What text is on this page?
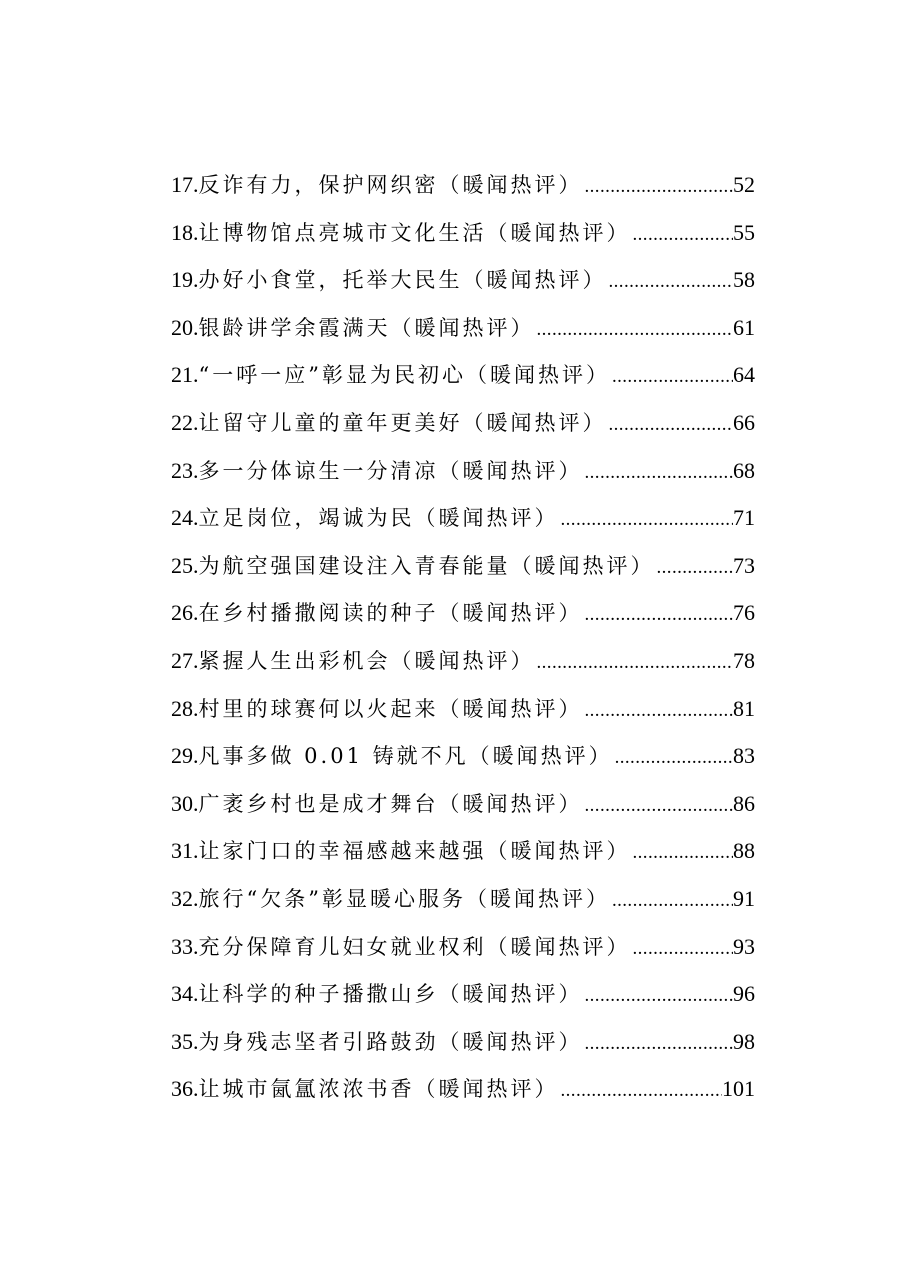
17. 反诈有力，保护网织密（暖闻热评） .....	52
18. 让博物馆点亮城市文化生活（暖闻热评） .....	55
19. 办好小食堂，托举大民生（暖闻热评） .....	58
20. 银龄讲学余霞满天（暖闻热评） .....	61
21. “一呼一应”彰显为民初心（暖闻热评） .....	64
22. 让留守儿童的童年更美好（暖闻热评） .....	66
23. 多一分体谅生一分清凉（暖闻热评） .....	68
24. 立足岗位，竭诚为民（暖闻热评） .....	71
25. 为航空强国建设注入青春能量（暖闻热评） .....	73
26. 在乡村播撒阅读的种子（暖闻热评） .....	76
27. 紧握人生出彩机会（暖闻热评） .....	78
28. 村里的球赛何以火起来（暖闻热评） .....	81
29. 凡事多做 0.01 铸就不凡（暖闻热评） .....	83
30. 广袤乡村也是成才舞台（暖闻热评） .....	86
31. 让家门口的幸福感越来越强（暖闻热评） .....	88
32. 旅行“欠条”彰显暖心服务（暖闻热评） .....	91
33. 充分保障育儿妇女就业权利（暖闻热评） .....	93
34. 让科学的种子播撒山乡（暖闻热评） .....	96
35. 为身残志坚者引路鼓劲（暖闻热评） .....	98
36. 让城市氤氲浓浓书香（暖闻热评） .....	101
